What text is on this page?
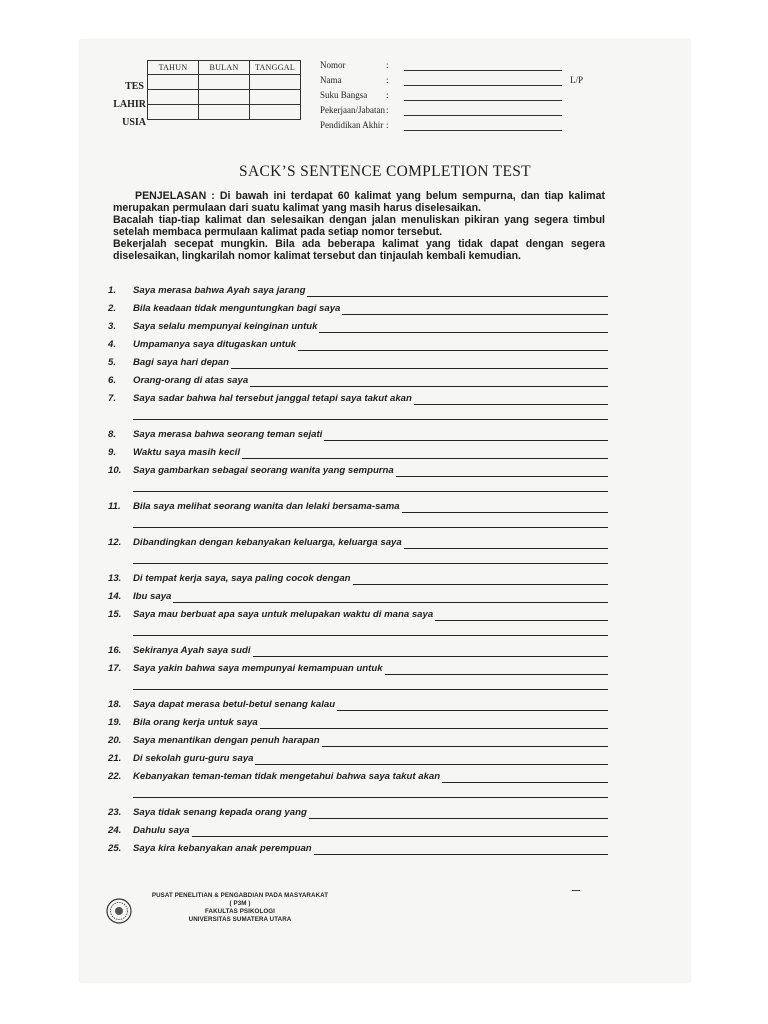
TAHUN	BULAN	TANGGAL

TES
LAHIR
USIA
Nomor	:
Nama	:	L/P
Suku Bangsa :
Pekerjaan/Jabatan :
Pendidikan Akhir :
SACK’S SENTENCE COMPLETION TEST

PENJELASAN : Di bawah ini terdapat 60 kalimat yang belum sempurna, dan tiap kalimat merupakan permulaan dari suatu kalimat yang masih harus diselesaikan.

Bacalah tiap-tiap kalimat dan selesaikan dengan jalan menuliskan pikiran yang segera timbul setelah membaca permulaan kalimat pada setiap nomor tersebut.

Bekerjalah secepat mungkin. Bila ada beberapa kalimat yang tidak dapat dengan segera diselesaikan, lingkarilah nomor kalimat tersebut dan tinjaulah kembali kemudian.

1.	Saya merasa bahwa Ayah saya jarang
2.	Bila keadaan tidak menguntungkan bagi saya
3.	Saya selalu mempunyai keinginan untuk
4.	Umpamanya saya ditugaskan untuk
5.	Bagi saya hari depan
6.	Orang-orang di atas saya
7.	Saya sadar bahwa hal tersebut janggal tetapi saya takut akan
8.	Saya merasa bahwa seorang teman sejati
9.	Waktu saya masih kecil
10.	Saya gambarkan sebagai seorang wanita yang sempurna
11.	Bila saya melihat seorang wanita dan lelaki bersama-sama
12.	Dibandingkan dengan kebanyakan keluarga, keluarga saya
13.	Di tempat kerja saya, saya paling cocok dengan
14.	Ibu saya
15.	Saya mau berbuat apa saya untuk melupakan waktu di mana saya
16.	Sekiranya Ayah saya sudi
17.	Saya yakin bahwa saya mempunyai kemampuan untuk
18.	Saya dapat merasa betul-betul senang kalau
19.	Bila orang kerja untuk saya
20.	Saya menantikan dengan penuh harapan
21.	Di sekolah guru-guru saya
22.	Kebanyakan teman-teman tidak mengetahui bahwa saya takut akan
23.	Saya tidak senang kepada orang yang
24.	Dahulu saya
25.	Saya kira kebanyakan anak perempuan
PUSAT PENELITIAN & PENGABDIAN PADA MASYARAKAT
( P3M )
FAKULTAS PSIKOLOGI
UNIVERSITAS SUMATERA UTARA
